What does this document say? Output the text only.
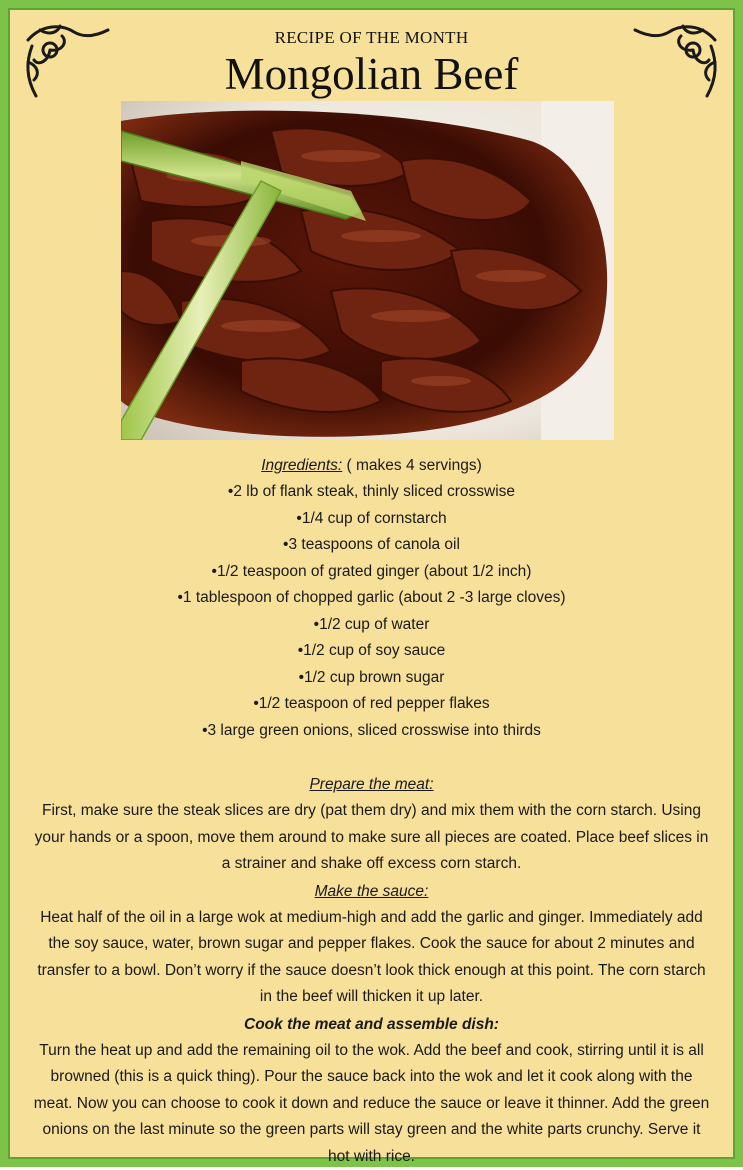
RECIPE OF THE MONTH
Mongolian Beef
Ingredients: ( makes 4 servings)
•2 lb of flank steak, thinly sliced crosswise
•1/4 cup of cornstarch
•3 teaspoons of canola oil
•1/2 teaspoon of grated ginger (about 1/2 inch)
•1 tablespoon of chopped garlic (about 2 -3 large cloves)
•1/2 cup of water
•1/2 cup of soy sauce
•1/2 cup brown sugar
•1/2 teaspoon of red pepper flakes
•3 large green onions, sliced crosswise into thirds
Prepare the meat:

First, make sure the steak slices are dry (pat them dry) and mix them with the corn starch. Using your hands or a spoon, move them around to make sure all pieces are coated. Place beef slices in a strainer and shake off excess corn starch.

Make the sauce:

Heat half of the oil in a large wok at medium-high and add the garlic and ginger. Immediately add the soy sauce, water, brown sugar and pepper flakes. Cook the sauce for about 2 minutes and transfer to a bowl. Don’t worry if the sauce doesn’t look thick enough at this point. The corn starch in the beef will thicken it up later.

Cook the meat and assemble dish:

Turn the heat up and add the remaining oil to the wok. Add the beef and cook, stirring until it is all browned (this is a quick thing). Pour the sauce back into the wok and let it cook along with the meat. Now you can choose to cook it down and reduce the sauce or leave it thinner. Add the green onions on the last minute so the green parts will stay green and the white parts crunchy. Serve it hot with rice.
